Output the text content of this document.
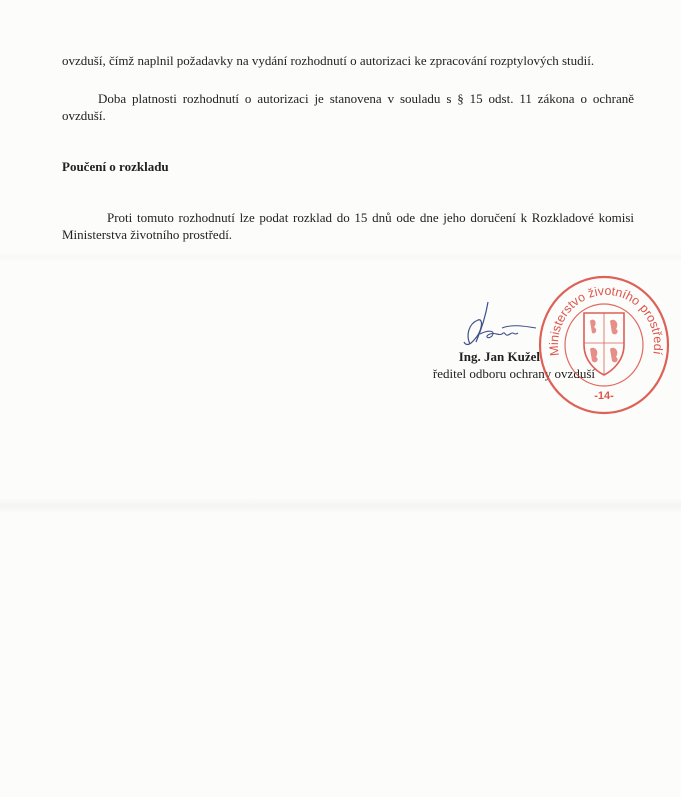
ovzduší, čímž naplnil požadavky na vydání rozhodnutí o autorizaci ke zpracování rozptylových studií.

Doba platnosti rozhodnutí o autorizaci je stanovena v souladu s § 15 odst. 11 zákona o ochraně ovzduší.

Poučení o rozkladu

Proti tomuto rozhodnutí lze podat rozklad do 15 dnů ode dne jeho doručení k Rozkladové komisi Ministerstva životního prostředí.

Ing. Jan Kužel

ředitel odboru ochrany ovzduší

Ministerstvo životního prostředí
-14-
